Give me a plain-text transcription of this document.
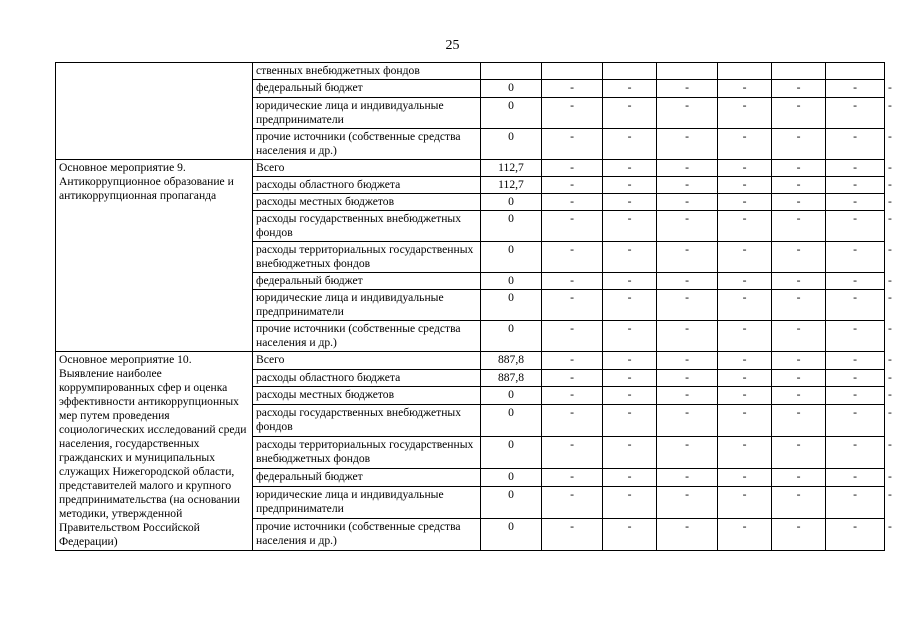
25
	ственных внебюджетных фондов								
	федеральный бюджет	0	-	-	-	-	-	-	-
	юридические лица и индивидуальные предприниматели	0	-	-	-	-	-	-	-
	прочие источники (собственные средства населения и др.)	0	-	-	-	-	-	-	-
Основное мероприятие 9. Антикоррупционное образование и антикоррупционная пропаганда	Всего	112,7	-	-	-	-	-	-	-
	расходы областного бюджета	112,7	-	-	-	-	-	-	-
	расходы местных бюджетов	0	-	-	-	-	-	-	-
	расходы государственных внебюджетных фондов	0	-	-	-	-	-	-	-
	расходы территориальных государственных внебюджетных фондов	0	-	-	-	-	-	-	-
	федеральный бюджет	0	-	-	-	-	-	-	-
	юридические лица и индивидуальные предприниматели	0	-	-	-	-	-	-	-
	прочие источники (собственные средства населения и др.)	0	-	-	-	-	-	-	-
Основное мероприятие 10. Выявление наиболее коррумпированных сфер и оценка эффективности антикоррупционных мер путем проведения социологических исследований среди населения, государственных гражданских и муниципальных служащих Нижегородской области, представителей малого и крупного предпринимательства (на основании методики, утвержденной Правительством Российской Федерации)	Всего	887,8	-	-	-	-	-	-	-
	расходы областного бюджета	887,8	-	-	-	-	-	-	-
	расходы местных бюджетов	0	-	-	-	-	-	-	-
	расходы государственных внебюджетных фондов	0	-	-	-	-	-	-	-
	расходы территориальных государственных внебюджетных фондов	0	-	-	-	-	-	-	-
	федеральный бюджет	0	-	-	-	-	-	-	-
	юридические лица и индивидуальные предприниматели	0	-	-	-	-	-	-	-
	прочие источники (собственные средства населения и др.)	0	-	-	-	-	-	-	-
